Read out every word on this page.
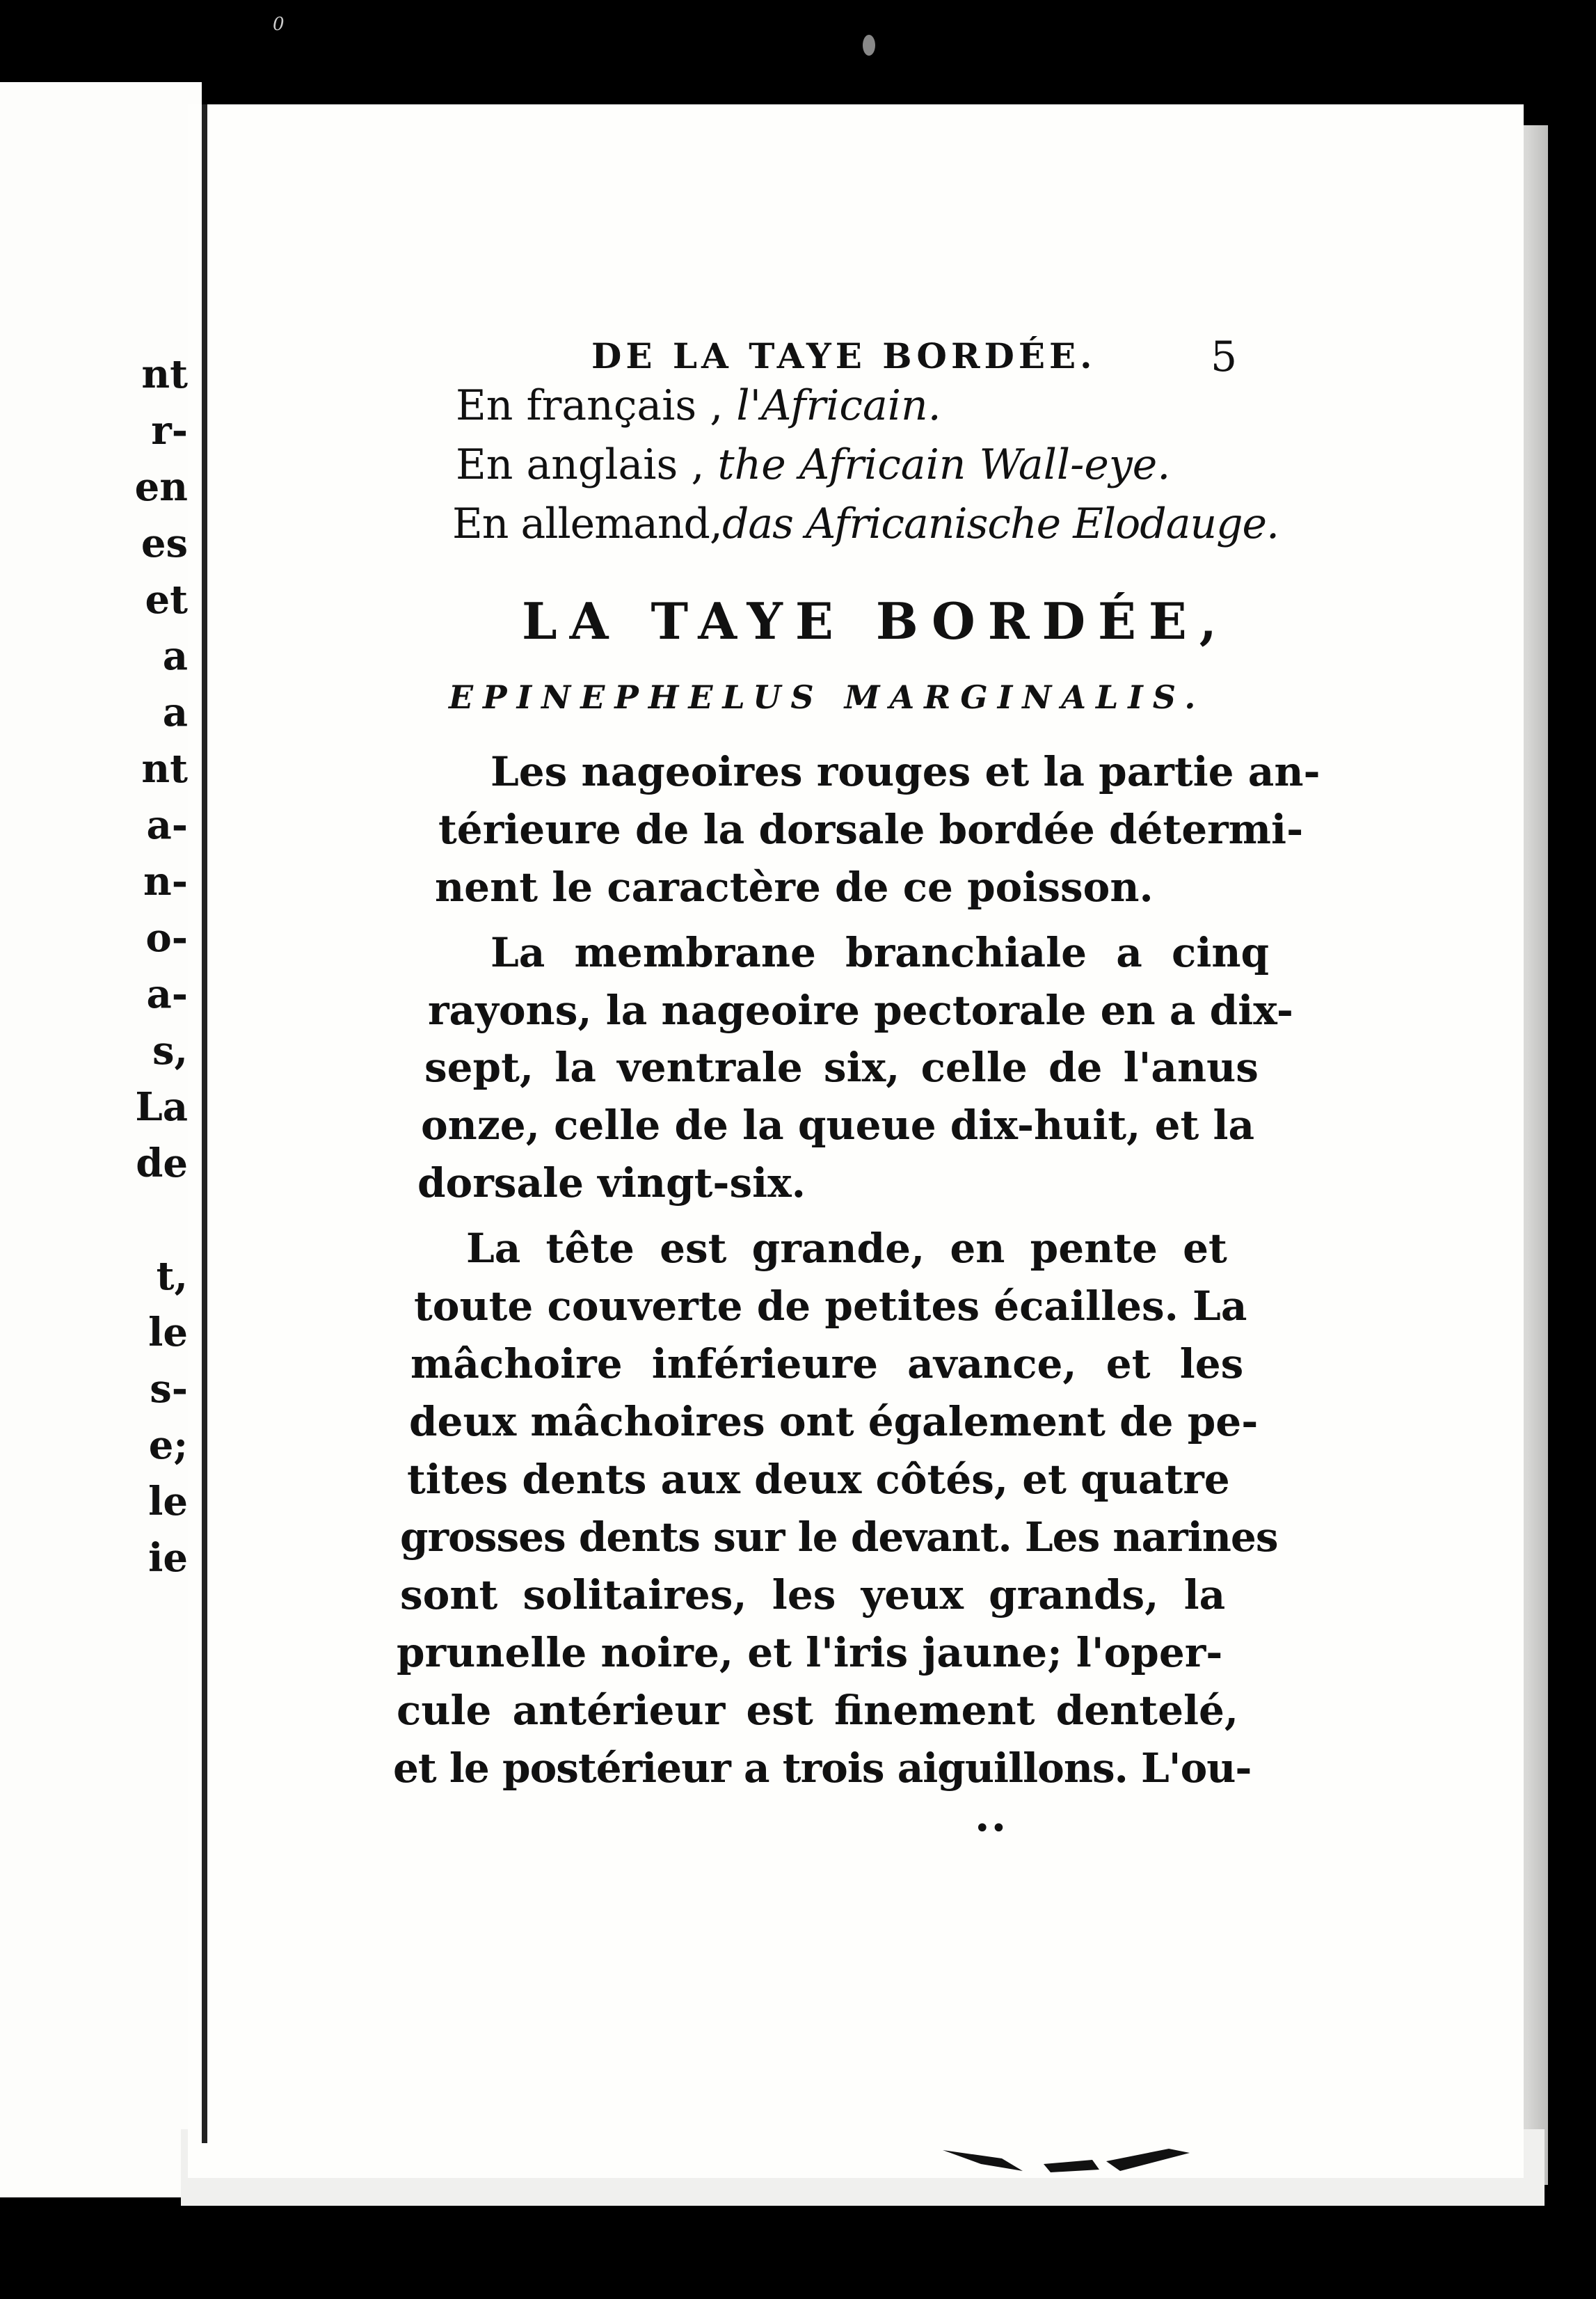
nt
r-
en
es
et
a
a
nt
a-
n-
o-
a-
s,
La
de
t,
le
s-
e;
le
ie
0
DE LA TAYE BORDÉE.	5
En français , l'Africain.
En anglais , the Africain Wall-eye.
En allemand,das Africanische Elodauge.
LA TAYE BORDÉE,
EPINEPHELUS MARGINALIS.
Les nageoires rouges et la partie an-
térieure de la dorsale bordée détermi-
nent le caractère de ce poisson.
La membrane branchiale a cinq
rayons, la nageoire pectorale en a dix-
sept, la ventrale six, celle de l'anus
onze, celle de la queue dix-huit, et la
dorsale vingt-six.
La tête est grande, en pente et
toute couverte de petites écailles. La
mâchoire inférieure avance, et les
deux mâchoires ont également de pe-
tites dents aux deux côtés, et quatre
grosses dents sur le devant. Les narines
sont solitaires, les yeux grands, la
prunelle noire, et l'iris jaune; l'oper-
cule antérieur est finement dentelé,
et le postérieur a trois aiguillons. L'ou-
••
